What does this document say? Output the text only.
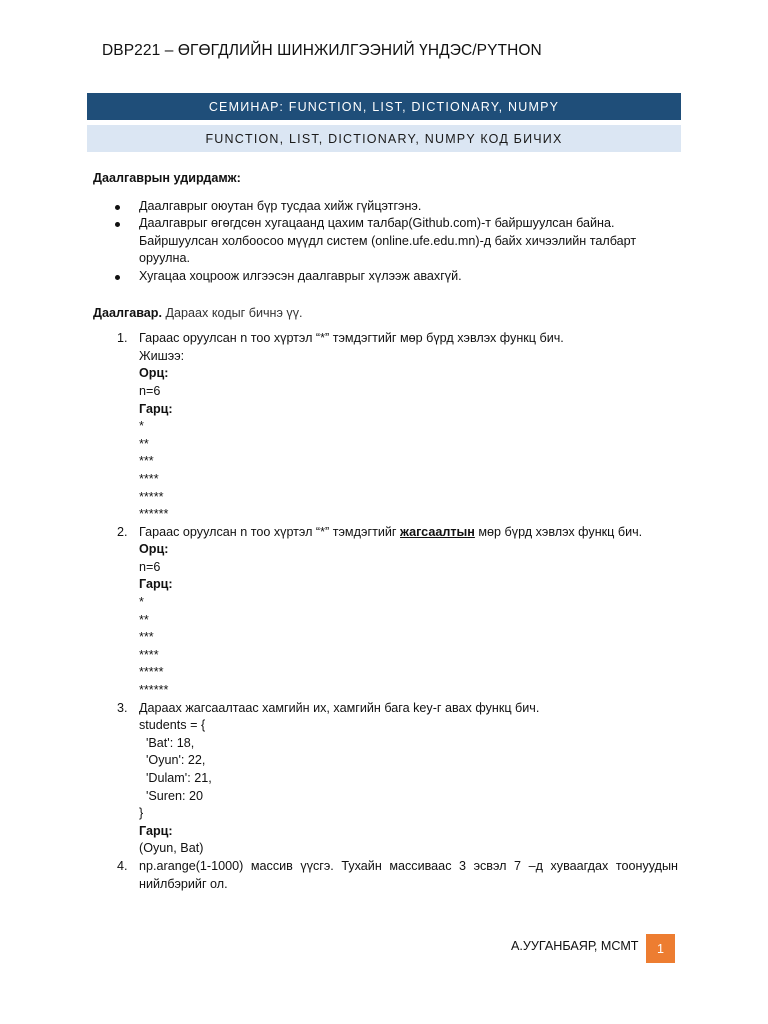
DBP221 – ӨГӨГДЛИЙН ШИНЖИЛГЭЭНИЙ ҮНДЭС/PYTHON
СЕМИНАР: FUNCTION, LIST, DICTIONARY, NUMPY
FUNCTION, LIST, DICTIONARY, NUMPY КОД БИЧИХ

Даалгаврын удирдамж:

Даалгаврыг оюутан бүр тусдаа хийж гүйцэтгэнэ.
Даалгаврыг өгөгдсөн хугацаанд цахим талбар(Github.com)-т байршуулсан байна. Байршуулсан холбоосоо мүүдл систем (online.ufe.edu.mn)-д байх хичээлийн талбарт оруулна.
Хугацаа хоцроож илгээсэн даалгаврыг хүлээж авахгүй.
Даалгавар. Дараах кодыг бичнэ үү.
1. Гараас оруулсан n тоо хүртэл “*” тэмдэгтийг мөр бүрд хэвлэх функц бич.
Жишээ:
Орц:
n=6
Гарц:
*
**
***
****
*****
******
2. Гараас оруулсан n тоо хүртэл “*” тэмдэгтийг жагсаалтын мөр бүрд хэвлэх функц бич.
Орц:
n=6
Гарц:
*
**
***
****
*****
******
3. Дараах жагсаалтаас хамгийн их, хамгийн бага key-г авах функц бич.
students = {
'Bat': 18,
'Oyun': 22,
'Dulam': 21,
'Suren: 20
}
Гарц:
(Oyun, Bat)
4. np.arange(1-1000) массив үүсгэ. Тухайн массиваас 3 эсвэл 7 –д хуваагдах тоонуудын нийлбэрийг ол.
А.УУГАНБАЯР, МСМТ	1
